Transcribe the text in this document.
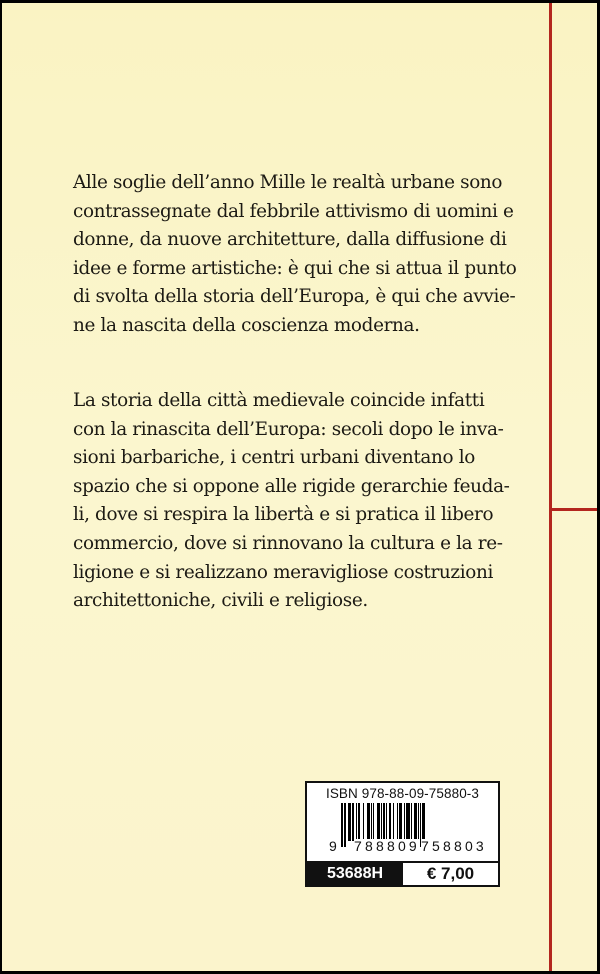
Alle soglie dell’anno Mille le realtà urbane sono
contrassegnate dal febbrile attivismo di uomini e
donne, da nuove architetture, dalla diffusione di
idee e forme artistiche: è qui che si attua il punto
di svolta della storia dell’Europa, è qui che avvie-
ne la nascita della coscienza moderna.
La storia della città medievale coincide infatti
con la rinascita dell’Europa: secoli dopo le inva-
sioni barbariche, i centri urbani diventano lo
spazio che si oppone alle rigide gerarchie feuda-
li, dove si respira la libertà e si pratica il libero
commercio, dove si rinnovano la cultura e la re-
ligione e si realizzano meravigliose costruzioni
architettoniche, civili e religiose.
ISBN 978-88-09-75880-3
9 788809 758803
53688H	€ 7,00
